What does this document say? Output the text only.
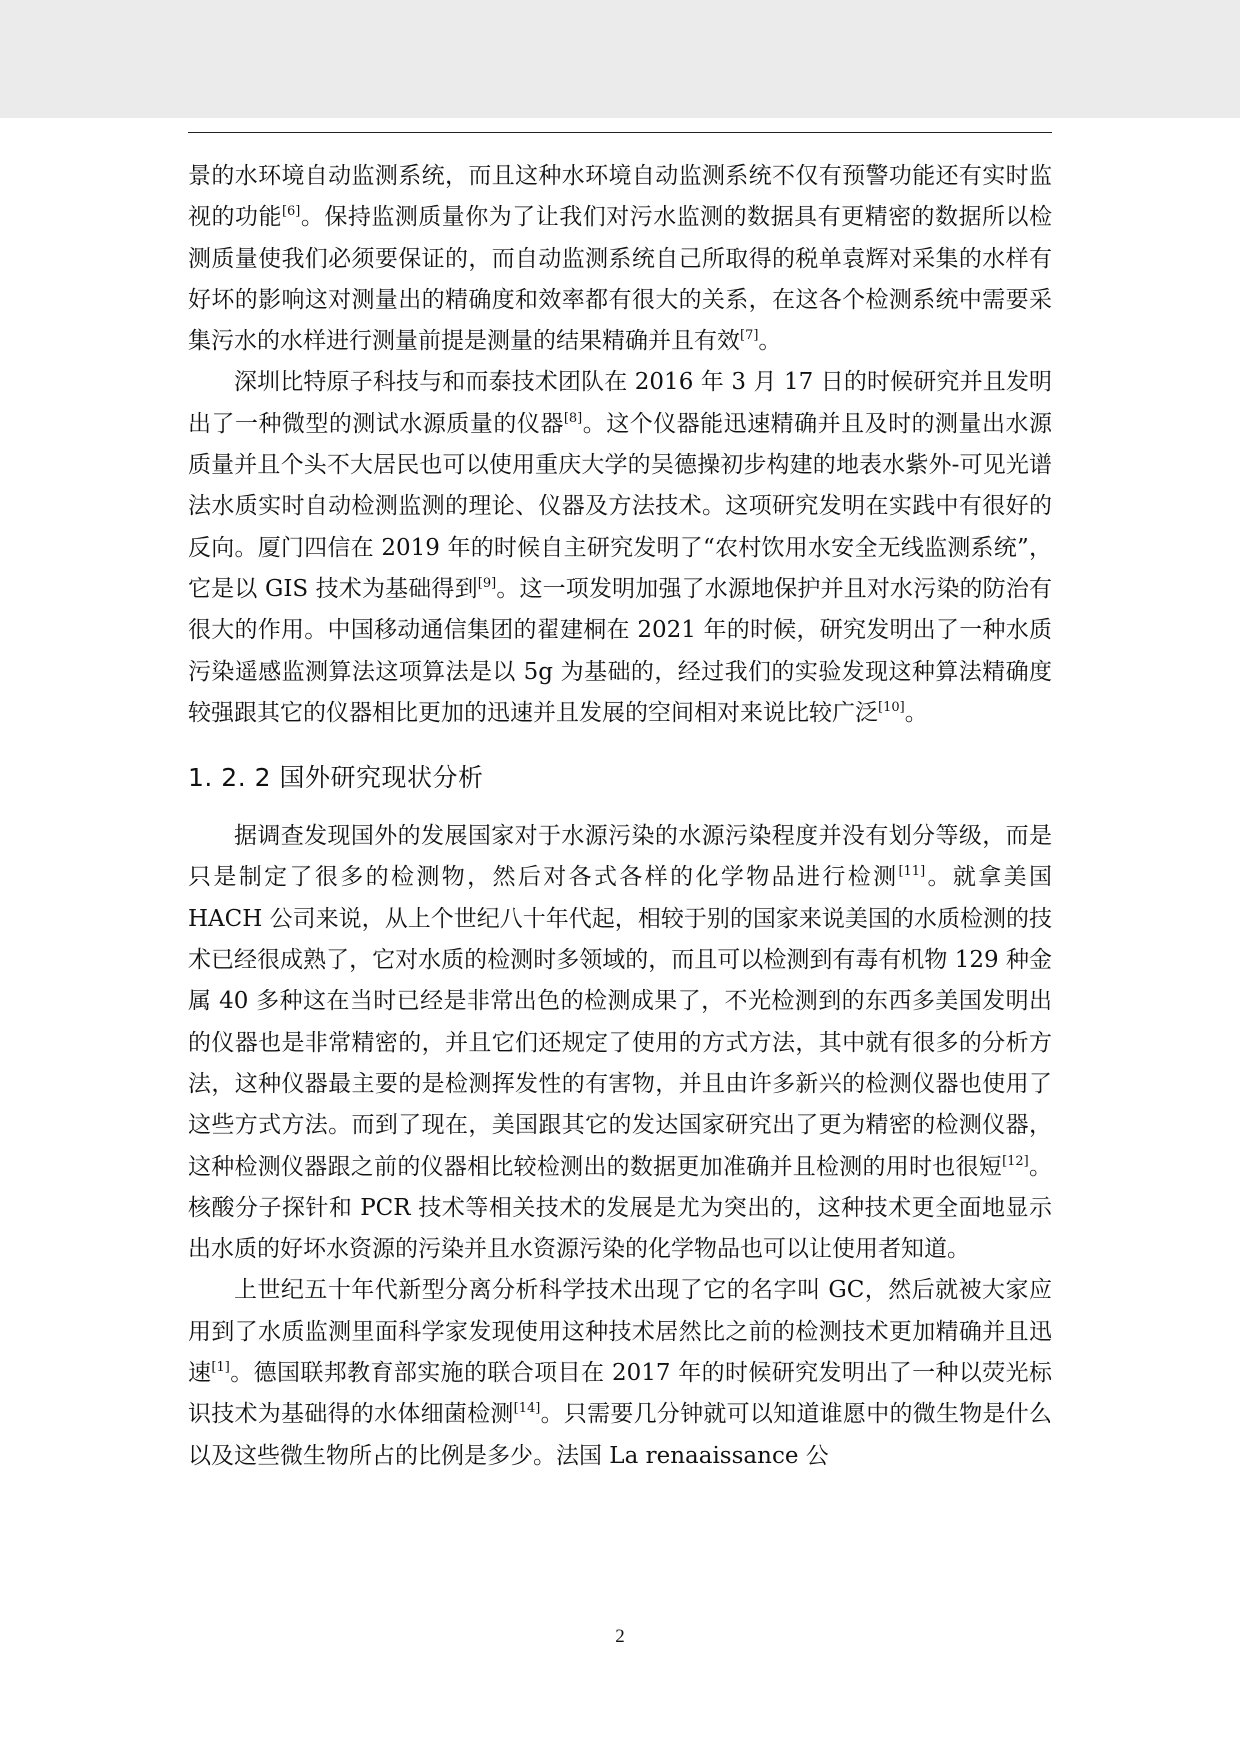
景的水环境自动监测系统，而且这种水环境自动监测系统不仅有预警功能还有实时监视的功能[6]。保持监测质量你为了让我们对污水监测的数据具有更精密的数据所以检测质量使我们必须要保证的，而自动监测系统自己所取得的税单袁辉对采集的水样有好坏的影响这对测量出的精确度和效率都有很大的关系，在这各个检测系统中需要采集污水的水样进行测量前提是测量的结果精确并且有效[7]。

深圳比特原子科技与和而泰技术团队在 2016 年 3 月 17 日的时候研究并且发明出了一种微型的测试水源质量的仪器[8]。这个仪器能迅速精确并且及时的测量出水源质量并且个头不大居民也可以使用重庆大学的吴德操初步构建的地表水紫外-可见光谱法水质实时自动检测监测的理论、仪器及方法技术。这项研究发明在实践中有很好的反向。厦门四信在 2019 年的时候自主研究发明了“农村饮用水安全无线监测系统”，它是以 GIS 技术为基础得到[9]。这一项发明加强了水源地保护并且对水污染的防治有很大的作用。中国移动通信集团的翟建桐在 2021 年的时候，研究发明出了一种水质污染遥感监测算法这项算法是以 5g 为基础的，经过我们的实验发现这种算法精确度较强跟其它的仪器相比更加的迅速并且发展的空间相对来说比较广泛[10]。

1. 2. 2 国外研究现状分析

据调查发现国外的发展国家对于水源污染的水源污染程度并没有划分等级，而是只是制定了很多的检测物，然后对各式各样的化学物品进行检测[11]。就拿美国 HACH 公司来说，从上个世纪八十年代起，相较于别的国家来说美国的水质检测的技术已经很成熟了，它对水质的检测时多领域的，而且可以检测到有毒有机物 129 种金属 40 多种这在当时已经是非常出色的检测成果了，不光检测到的东西多美国发明出的仪器也是非常精密的，并且它们还规定了使用的方式方法，其中就有很多的分析方法，这种仪器最主要的是检测挥发性的有害物，并且由许多新兴的检测仪器也使用了这些方式方法。而到了现在，美国跟其它的发达国家研究出了更为精密的检测仪器，这种检测仪器跟之前的仪器相比较检测出的数据更加准确并且检测的用时也很短[12]。核酸分子探针和 PCR 技术等相关技术的发展是尤为突出的，这种技术更全面地显示出水质的好坏水资源的污染并且水资源污染的化学物品也可以让使用者知道。

上世纪五十年代新型分离分析科学技术出现了它的名字叫 GC，然后就被大家应用到了水质监测里面科学家发现使用这种技术居然比之前的检测技术更加精确并且迅速[1]。德国联邦教育部实施的联合项目在 2017 年的时候研究发明出了一种以荧光标识技术为基础得的水体细菌检测[14]。只需要几分钟就可以知道谁愿中的微生物是什么以及这些微生物所占的比例是多少。法国 La renaaissance 公

2
